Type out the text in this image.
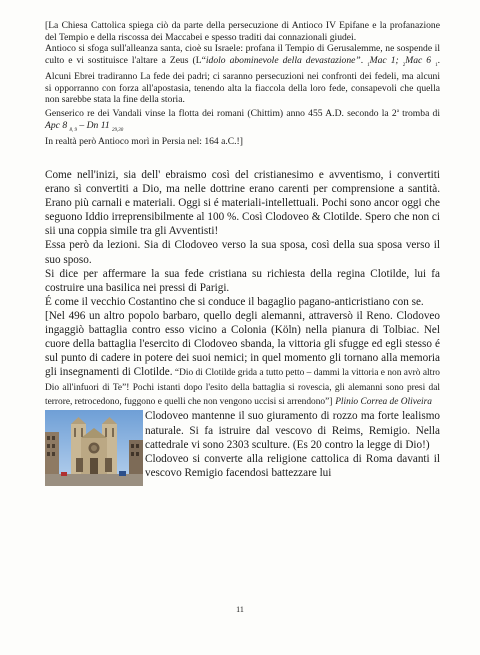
[La Chiesa Cattolica spiega ciò da parte della persecuzione di Antioco IV Epifane e la profanazione del Tempio e della riscossa dei Maccabei e spesso traditi dai connazionali giudei.

Antioco si sfoga sull'alleanza santa, cioè su Israele: profana il Tempio di Gerusalemme, ne sospende il culto e vi sostituisce l'altare a Zeus (L“idolo abominevole della devastazione”. $_1$Mac 1; $_2$Mac 6 $_1$. Alcuni Ebrei tradiranno La fede dei padri; ci saranno persecuzioni nei confronti dei fedeli, ma alcuni si opporranno con forza all'apostasia, tenendo alta la fiaccola della loro fede, consapevoli che quella non sarebbe stata la fine della storia.

Genserico re dei Vandali vinse la flotta dei romani (Chittim) anno 455 A.D. secondo la 2$^a$ tromba di Apc 8 $_{8, 9}$ – Dn 11 $_{29,30}$

In realtà però Antioco morì in Persia nel: 164 a.C.!]

Come nell'inizi, sia dell' ebraismo così del cristianesimo e avventismo, i convertiti erano sì convertiti a Dio, ma nelle dottrine erano carenti per comprensione a santità. Erano più carnali e materiali. Oggi si é materiali-intellettuali. Pochi sono ancor oggi che seguono Iddio irreprensibilmente al 100 %. Così Clodoveo & Clotilde. Spero che non ci sii una coppia simile tra gli Avventisti!

Essa però da lezioni. Sia di Clodoveo verso la sua sposa, così della sua sposa verso il suo sposo.

Si dice per affermare la sua fede cristiana su richiesta della regina Clotilde, lui fa costruire una basilica nei pressi di Parigi.

É come il vecchio Costantino che si conduce il bagaglio pagano-anticristiano con se.

[Nel 496 un altro popolo barbaro, quello degli alemanni, attraversò il Reno. Clodoveo ingaggiò battaglia contro esso vicino a Colonia (Köln) nella pianura di Tolbiac. Nel cuore della battaglia l'esercito di Clodoveo sbanda, la vittoria gli sfugge ed egli stesso é sul punto di cadere in potere dei suoi nemici; in quel momento gli tornano alla memoria gli insegnamenti di Clotilde. “Dio di Clotilde grida a tutto petto – dammi la vittoria e non avrò altro Dio all'infuori di Te”! Pochi istanti dopo l'esito della battaglia si rovescia, gli alemanni sono presi dal terrore, retrocedono, fuggono e quelli che non vengono uccisi si arrendono”] Plinio Correa de Oliveira

Clodoveo mantenne il suo giuramento di rozzo ma forte lealismo naturale. Si fa istruire dal vescovo di Reims, Remigio. Nella cattedrale vi sono 2303 sculture. (Es 20 contro la legge di Dio!)

Clodoveo si converte alla religione cattolica di Roma davanti il vescovo Remigio facendosi battezzare lui

11
